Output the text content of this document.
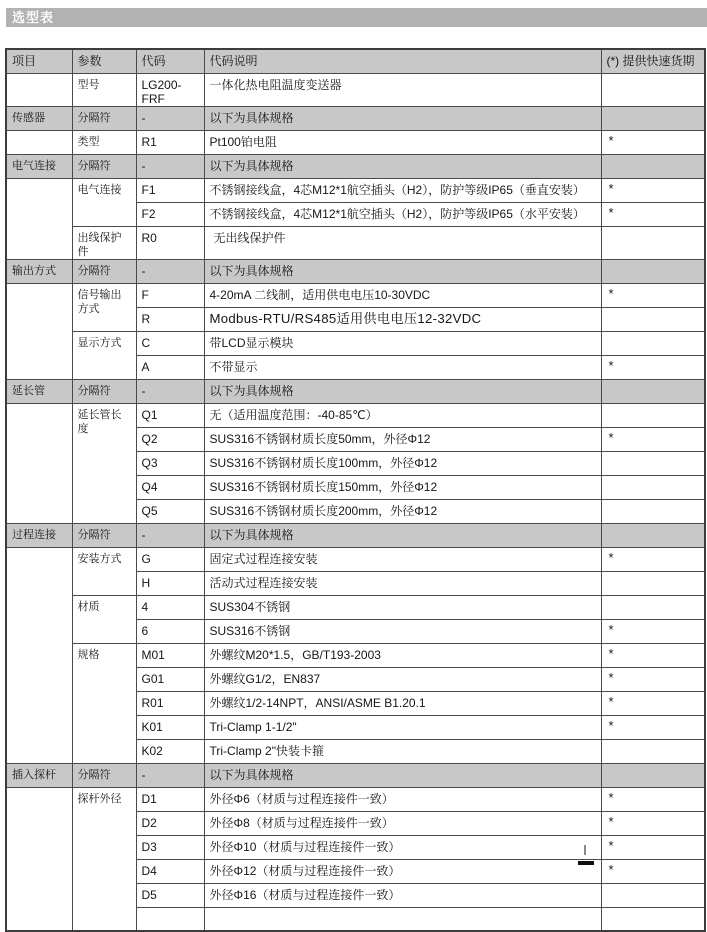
选型表
项目	参数	代码	代码说明	(*) 提供快速货期
	型号	LG200-FRF	一体化热电阻温度变送器	
传感器	分隔符	-	以下为具体规格	
	类型	R1	Pt100铂电阻	*
电气连接	分隔符	-	以下为具体规格	
	电气连接	F1	不锈钢接线盒，4芯M12*1航空插头（H2），防护等级IP65（垂直安装）	*
		F2	不锈钢接线盒，4芯M12*1航空插头（H2），防护等级IP65（水平安装）	*
	出线保护件	R0	无出线保护件	
输出方式	分隔符	-	以下为具体规格	
	信号输出方式	F	4-20mA 二线制，适用供电电压10-30VDC	*
		R	Modbus-RTU/RS485适用供电电压12-32VDC	
	显示方式	C	带LCD显示模块	
		A	不带显示	*
延长管	分隔符	-	以下为具体规格	
	延长管长度	Q1	无（适用温度范围：-40-85℃）	
		Q2	SUS316不锈钢材质长度50mm，外径Φ12	*
		Q3	SUS316不锈钢材质长度100mm，外径Φ12	
		Q4	SUS316不锈钢材质长度150mm，外径Φ12	
		Q5	SUS316不锈钢材质长度200mm，外径Φ12	
过程连接	分隔符	-	以下为具体规格	
	安装方式	G	固定式过程连接安装	*
		H	活动式过程连接安装	
	材质	4	SUS304不锈钢	
		6	SUS316不锈钢	*
	规格	M01	外螺纹M20*1.5，GB/T193-2003	*
		G01	外螺纹G1/2，EN837	*
		R01	外螺纹1/2-14NPT，ANSI/ASME B1.20.1	*
		K01	Tri-Clamp 1-1/2"	*
		K02	Tri-Clamp 2"快装卡箍	
插入探杆	分隔符	-	以下为具体规格	
	探杆外径	D1	外径Φ6（材质与过程连接件一致）	*
		D2	外径Φ8（材质与过程连接件一致）	*
		D3	外径Φ10（材质与过程连接件一致）	*
		D4	外径Φ12（材质与过程连接件一致）	*
		D5	外径Φ16（材质与过程连接件一致）	
